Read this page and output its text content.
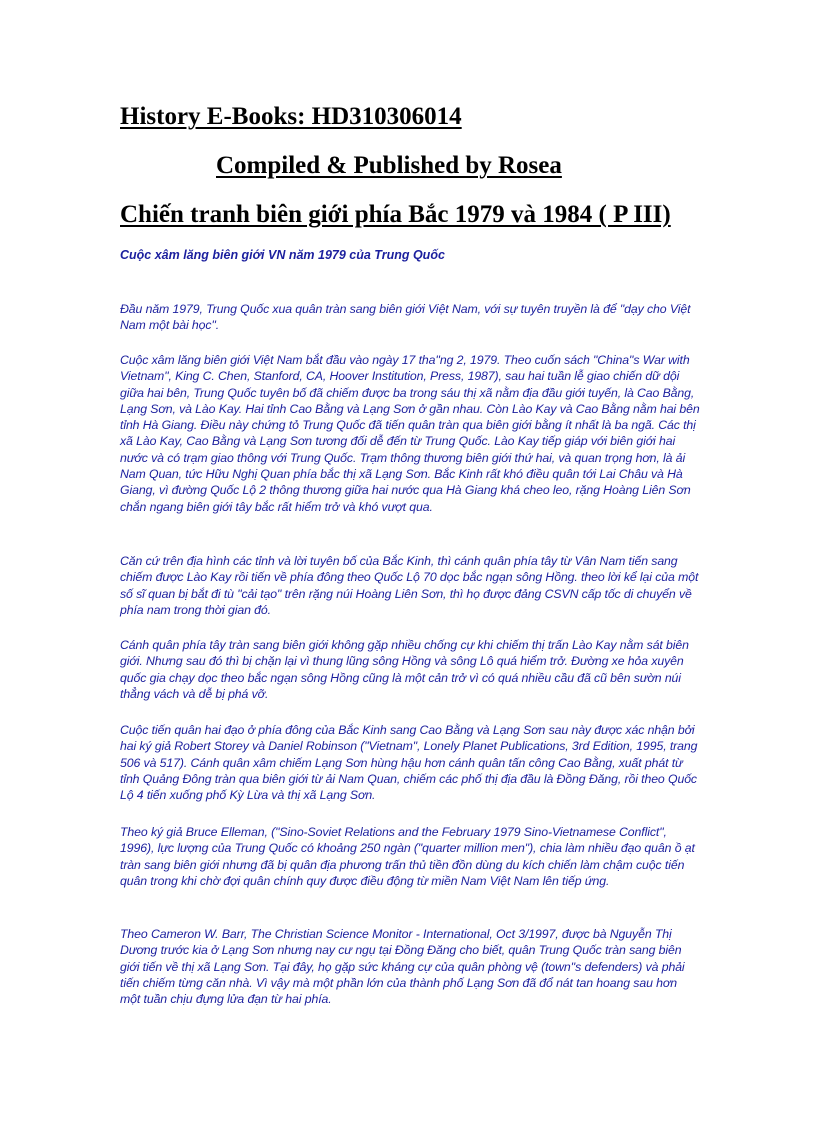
History E-Books: HD310306014
Compiled & Published by Rosea
Chiến tranh biên giới phía Bắc 1979 và 1984 ( P III)

Cuộc xâm lăng biên giới VN năm 1979 của Trung Quốc

Đầu năm 1979, Trung Quốc xua quân tràn sang biên giới Việt Nam, với sự tuyên truyền là để "dạy cho Việt Nam một bài học".

Cuộc xâm lăng biên giới Việt Nam bắt đầu vào ngày 17 tha''ng 2, 1979. Theo cuốn sách "China''s War with Vietnam", King C. Chen, Stanford, CA, Hoover Institution, Press, 1987), sau hai tuần lễ giao chiến dữ dội giữa hai bên, Trung Quốc tuyên bố đã chiếm được ba trong sáu thị xã nằm địa đầu giới tuyến, là Cao Bằng, Lạng Sơn, và Lào Kay. Hai tỉnh Cao Bằng và Lạng Sơn ở gần nhau. Còn Lào Kay và Cao Bằng nằm hai bên tỉnh Hà Giang. Điều này chứng tỏ Trung Quốc đã tiến quân tràn qua biên giới bằng ít nhất là ba ngã. Các thị xã Lào Kay, Cao Bằng và Lạng Sơn tương đối dễ đến từ Trung Quốc. Lào Kay tiếp giáp với biên giới hai nước và có trạm giao thông với Trung Quốc. Trạm thông thương biên giới thứ hai, và quan trọng hơn, là ải Nam Quan, tức Hữu Nghị Quan phía bắc thị xã Lạng Sơn. Bắc Kinh rất khó điều quân tới Lai Châu và Hà Giang, vì đường Quốc Lộ 2 thông thương giữa hai nước qua Hà Giang khá cheo leo, rặng Hoàng Liên Sơn chắn ngang biên giới tây bắc rất hiểm trở và khó vượt qua.

Căn cứ trên địa hình các tỉnh và lời tuyên bố của Bắc Kinh, thì cánh quân phía tây từ Vân Nam tiến sang chiếm được Lào Kay rồi tiến về phía đông theo Quốc Lộ 70 dọc bắc ngạn sông Hồng. theo lời kể lại của một số sĩ quan bị bắt đi tù "cải tạo" trên rặng núi Hoàng Liên Sơn, thì họ được đảng CSVN cấp tốc di chuyển về phía nam trong thời gian đó.

Cánh quân phía tây tràn sang biên giới không gặp nhiều chống cự khi chiếm thị trấn Lào Kay nằm sát biên giới. Nhưng sau đó thì bị chặn lại vì thung lũng sông Hồng và sông Lô quá hiểm trở. Đường xe hỏa xuyên quốc gia chạy dọc theo bắc ngạn sông Hồng cũng là một cản trở vì có quá nhiều cầu đã cũ bên sườn núi thẳng vách và dễ bị phá vỡ.

Cuộc tiến quân hai đạo ở phía đông của Bắc Kinh sang Cao Bằng và Lạng Sơn sau này được xác nhận bởi hai ký giả Robert Storey và Daniel Robinson ("Vietnam", Lonely Planet Publications, 3rd Edition, 1995, trang 506 và 517). Cánh quân xâm chiếm Lạng Sơn hùng hậu hơn cánh quân tấn công Cao Bằng, xuất phát từ tỉnh Quảng Đông tràn qua biên giới từ ải Nam Quan, chiếm các phố thị địa đầu là Đồng Đăng, rồi theo Quốc Lộ 4 tiến xuống phố Kỳ Lừa và thị xã Lạng Sơn.

Theo ký giả Bruce Elleman, ("Sino-Soviet Relations and the February 1979 Sino-Vietnamese Conflict", 1996), lực lượng của Trung Quốc có khoảng 250 ngàn ("quarter million men"), chia làm nhiều đạo quân ồ ạt tràn sang biên giới nhưng đã bị quân địa phương trấn thủ tiền đồn dùng du kích chiến làm chậm cuộc tiến quân trong khi chờ đợi quân chính quy được điều động từ miền Nam Việt Nam lên tiếp ứng.

Theo Cameron W. Barr, The Christian Science Monitor - International, Oct 3/1997, được bà Nguyễn Thị Dương trước kia ở Lạng Sơn nhưng nay cư ngụ tại Đồng Đăng cho biết, quân Trung Quốc tràn sang biên giới tiến về thị xã Lạng Sơn. Tại đây, họ gặp sức kháng cự của quân phòng vệ (town''s defenders) và phải tiến chiếm từng căn nhà. Vì vậy mà một phần lớn của thành phố Lạng Sơn đã đổ nát tan hoang sau hơn một tuần chịu đựng lửa đạn từ hai phía.
